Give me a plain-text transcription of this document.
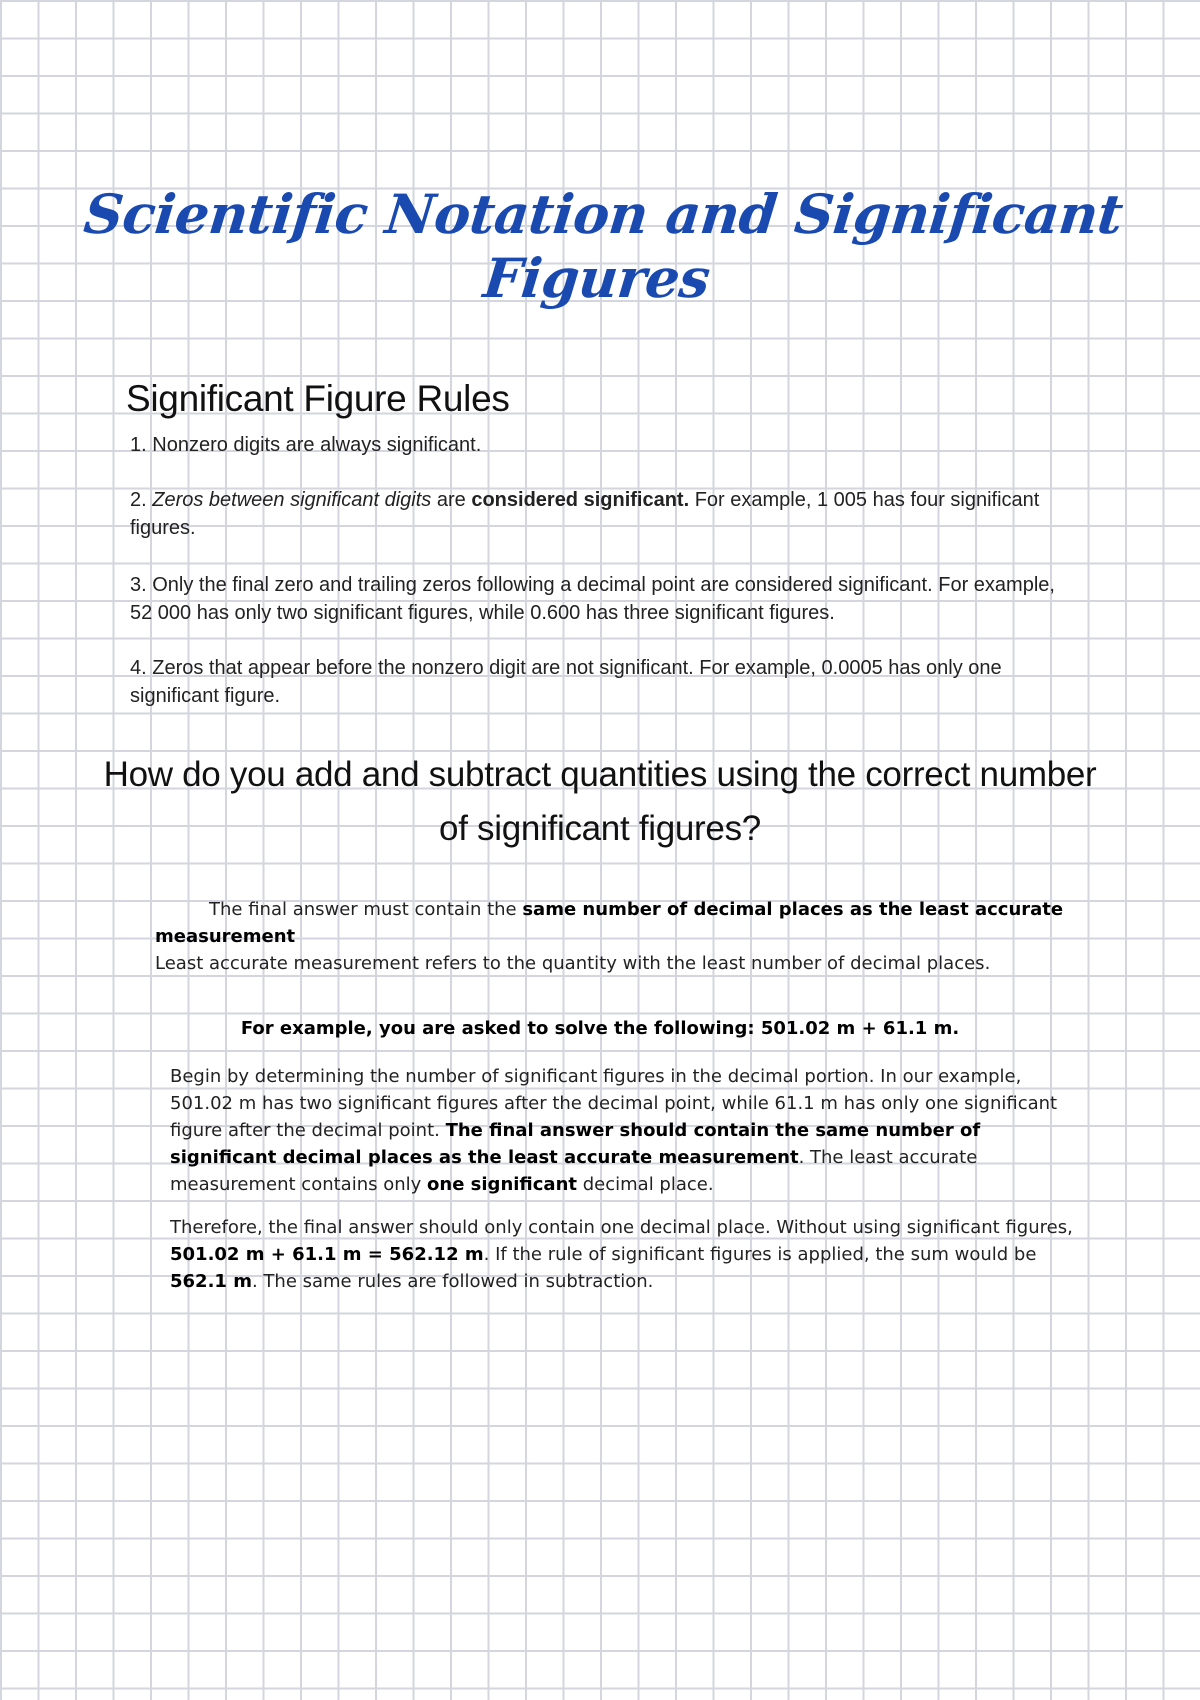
Scientific Notation and Significant Figures
Significant Figure Rules

1. Nonzero digits are always significant.

2. Zeros between significant digits are considered significant. For example, 1 005 has four significant figures.

3. Only the final zero and trailing zeros following a decimal point are considered significant. For example, 52 000 has only two significant figures, while 0.600 has three significant figures.

4. Zeros that appear before the nonzero digit are not significant. For example, 0.0005 has only one significant figure.

How do you add and subtract quantities using the correct number of significant figures?

The final answer must contain the same number of decimal places as the least accurate measurement
Least accurate measurement refers to the quantity with the least number of decimal places.

For example, you are asked to solve the following: 501.02 m + 61.1 m.

Begin by determining the number of significant figures in the decimal portion. In our example, 501.02 m has two significant figures after the decimal point, while 61.1 m has only one significant figure after the decimal point. The final answer should contain the same number of significant decimal places as the least accurate measurement. The least accurate measurement contains only one significant decimal place.

Therefore, the final answer should only contain one decimal place. Without using significant figures, 501.02 m + 61.1 m = 562.12 m. If the rule of significant figures is applied, the sum would be 562.1 m. The same rules are followed in subtraction.
